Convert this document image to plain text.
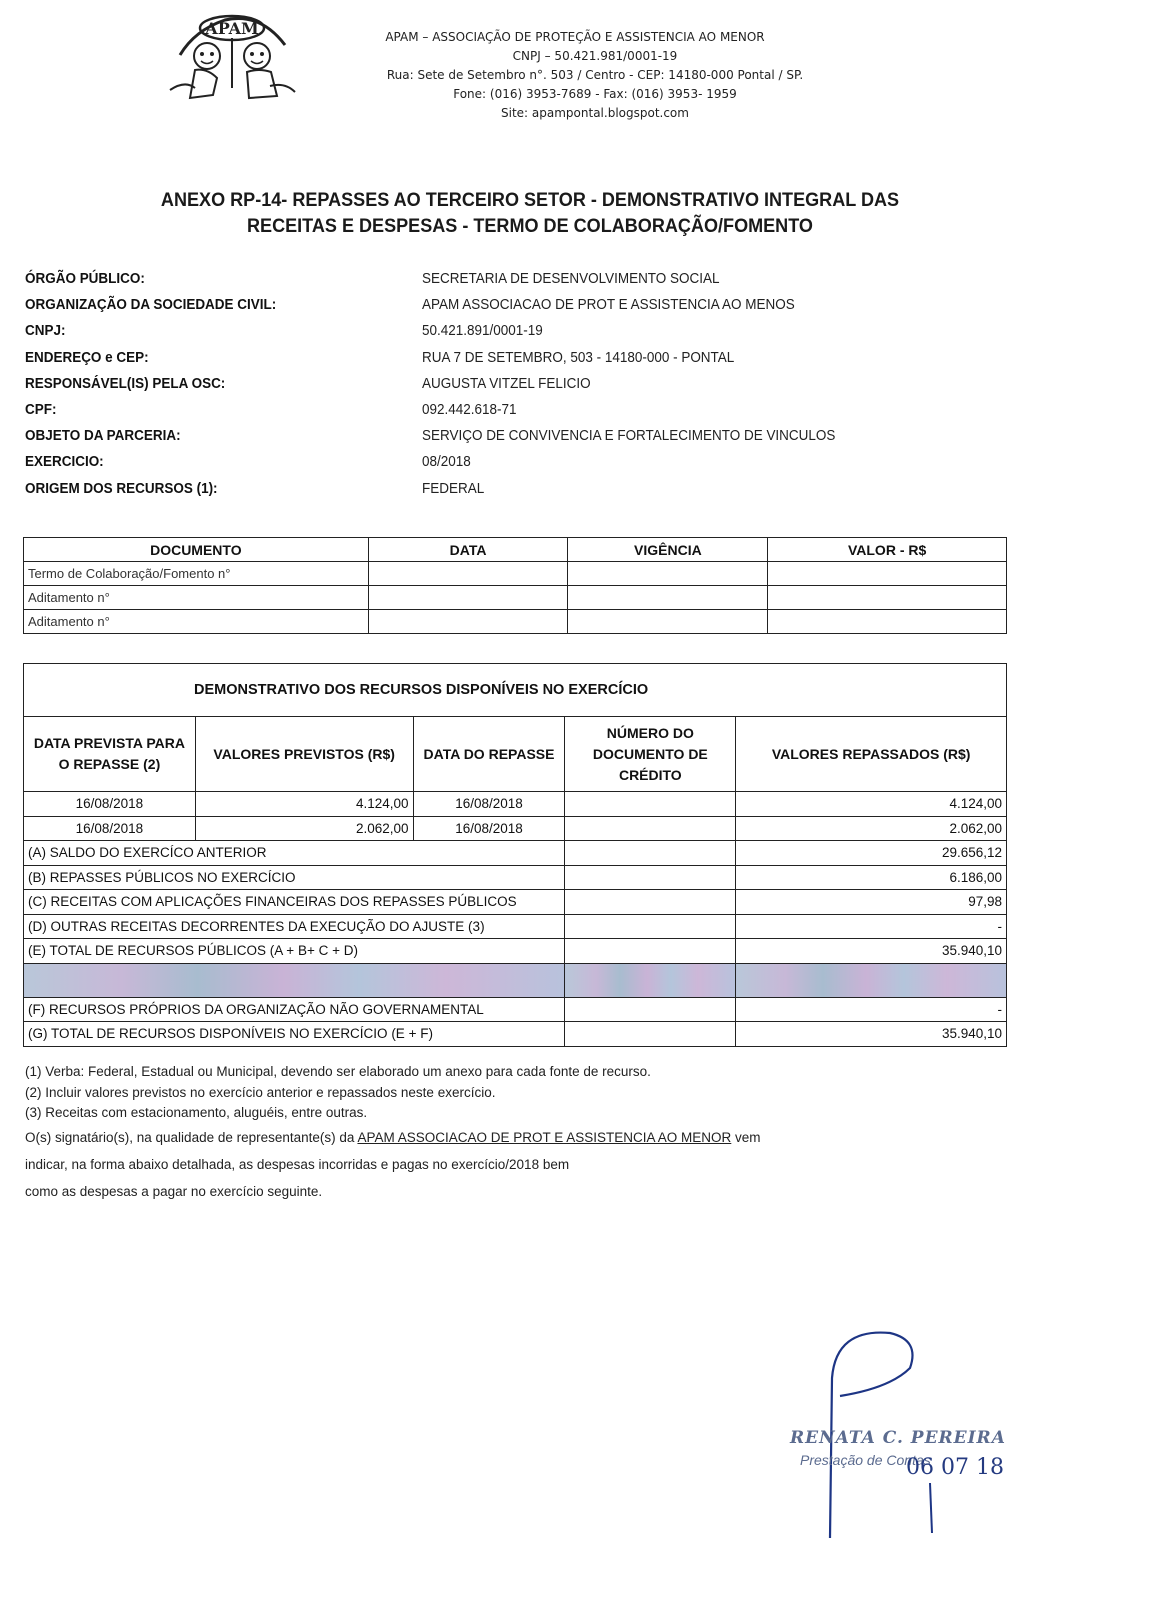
APAM	APAM – ASSOCIAÇÃO DE PROTEÇÃO E ASSISTENCIA AO MENOR
CNPJ – 50.421.981/0001-19
Rua: Sete de Setembro n°. 503 / Centro - CEP: 14180-000 Pontal / SP.
Fone: (016) 3953-7689 - Fax: (016) 3953- 1959
Site: apampontal.blogspot.com
ANEXO RP-14- REPASSES AO TERCEIRO SETOR - DEMONSTRATIVO INTEGRAL DAS
RECEITAS E DESPESAS - TERMO DE COLABORAÇÃO/FOMENTO
ÓRGÃO PÚBLICO:	SECRETARIA DE DESENVOLVIMENTO SOCIAL
ORGANIZAÇÃO DA SOCIEDADE CIVIL:	APAM ASSOCIACAO DE PROT E ASSISTENCIA AO MENOS
CNPJ:	50.421.891/0001-19
ENDEREÇO e CEP:	RUA 7 DE SETEMBRO, 503 - 14180-000 - PONTAL
RESPONSÁVEL(IS) PELA OSC:	AUGUSTA VITZEL FELICIO
CPF:	092.442.618-71
OBJETO DA PARCERIA:	SERVIÇO DE CONVIVENCIA E FORTALECIMENTO DE VINCULOS
EXERCICIO:	08/2018
ORIGEM DOS RECURSOS (1):	FEDERAL
DOCUMENTO	DATA	VIGÊNCIA	VALOR - R$
Termo de Colaboração/Fomento n°			
Aditamento n°			
Aditamento n°			
DEMONSTRATIVO DOS RECURSOS DISPONÍVEIS NO EXERCÍCIO				
DATA PREVISTA PARA O REPASSE (2)	VALORES PREVISTOS (R$)	DATA DO REPASSE	NÚMERO DO DOCUMENTO DE CRÉDITO	VALORES REPASSADOS (R$)
16/08/2018	4.124,00	16/08/2018		4.124,00
16/08/2018	2.062,00	16/08/2018		2.062,00
(A) SALDO DO EXERCÍCO ANTERIOR				29.656,12
(B) REPASSES PÚBLICOS NO EXERCÍCIO				6.186,00
(C) RECEITAS COM APLICAÇÕES FINANCEIRAS DOS REPASSES PÚBLICOS				97,98
(D) OUTRAS RECEITAS DECORRENTES DA EXECUÇÃO DO AJUSTE (3)				-
(E) TOTAL DE RECURSOS PÚBLICOS (A + B+ C + D)				35.940,10

(F) RECURSOS PRÓPRIOS DA ORGANIZAÇÃO NÃO GOVERNAMENTAL				-
(G) TOTAL DE RECURSOS DISPONÍVEIS NO EXERCÍCIO (E + F)				35.940,10
(1) Verba: Federal, Estadual ou Municipal, devendo ser elaborado um anexo para cada fonte de recurso.
(2) Incluir valores previstos no exercício anterior e repassados neste exercício.
(3) Receitas com estacionamento, aluguéis, entre outras.
O(s) signatário(s), na qualidade de representante(s) da APAM ASSOCIACAO DE PROT E ASSISTENCIA AO MENOR vem
indicar, na forma abaixo detalhada, as despesas incorridas e pagas no exercício/2018 bem
como as despesas a pagar no exercício seguinte.
RENATA C. PEREIRA
Prestação de Contas
06 07 18
